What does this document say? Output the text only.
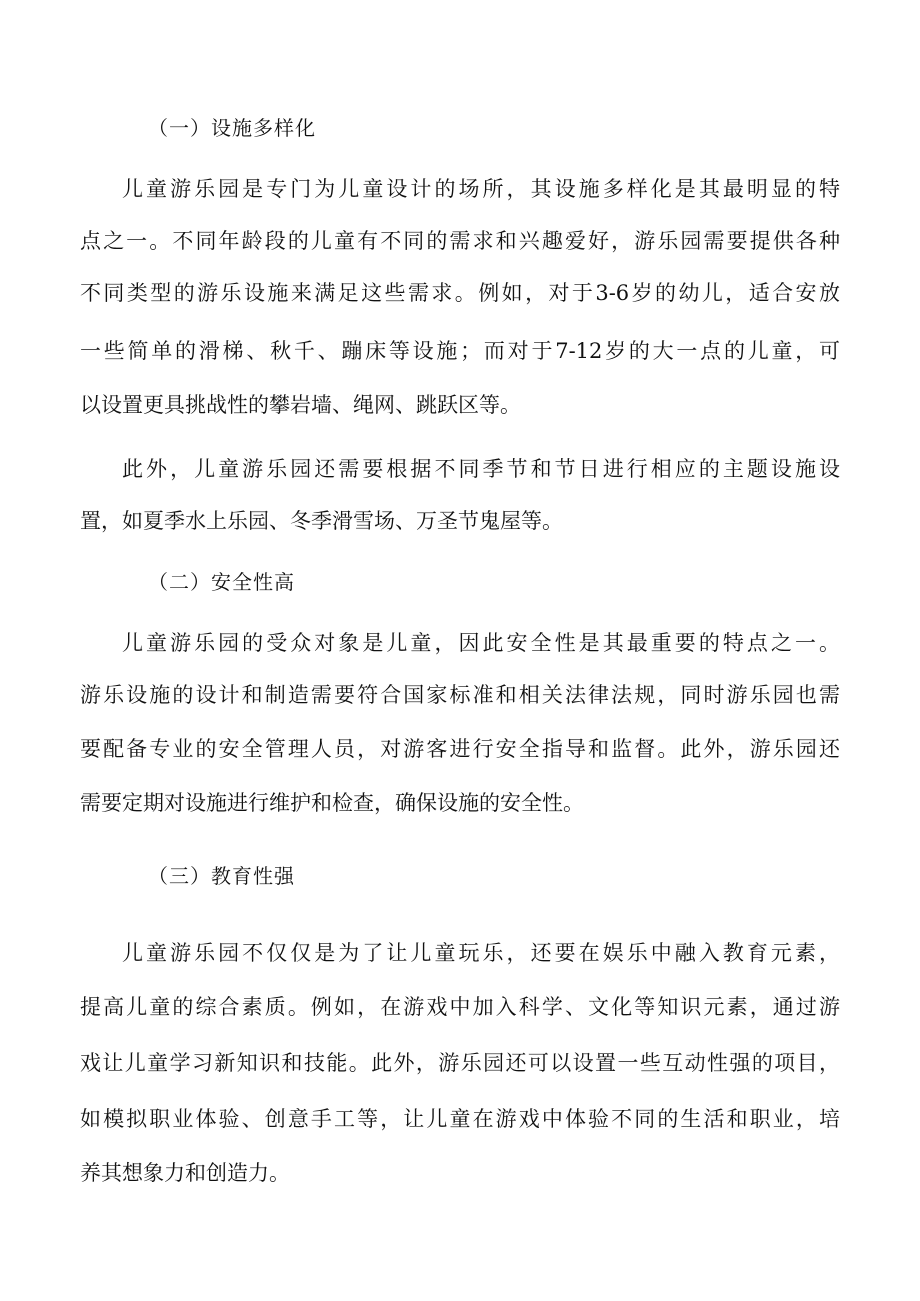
（一）设施多样化
儿童游乐园是专门为儿童设计的场所，其设施多样化是其最明显的特
点之一。不同年龄段的儿童有不同的需求和兴趣爱好，游乐园需要提供各种
不同类型的游乐设施来满足这些需求。例如，对于3-6岁的幼儿，适合安放
一些简单的滑梯、秋千、蹦床等设施；而对于7-12岁的大一点的儿童，可
以设置更具挑战性的攀岩墙、绳网、跳跃区等。
此外，儿童游乐园还需要根据不同季节和节日进行相应的主题设施设
置，如夏季水上乐园、冬季滑雪场、万圣节鬼屋等。
（二）安全性高
儿童游乐园的受众对象是儿童，因此安全性是其最重要的特点之一。
游乐设施的设计和制造需要符合国家标准和相关法律法规，同时游乐园也需
要配备专业的安全管理人员，对游客进行安全指导和监督。此外，游乐园还
需要定期对设施进行维护和检查，确保设施的安全性。
（三）教育性强
儿童游乐园不仅仅是为了让儿童玩乐，还要在娱乐中融入教育元素，
提高儿童的综合素质。例如，在游戏中加入科学、文化等知识元素，通过游
戏让儿童学习新知识和技能。此外，游乐园还可以设置一些互动性强的项目，
如模拟职业体验、创意手工等，让儿童在游戏中体验不同的生活和职业，培
养其想象力和创造力。
